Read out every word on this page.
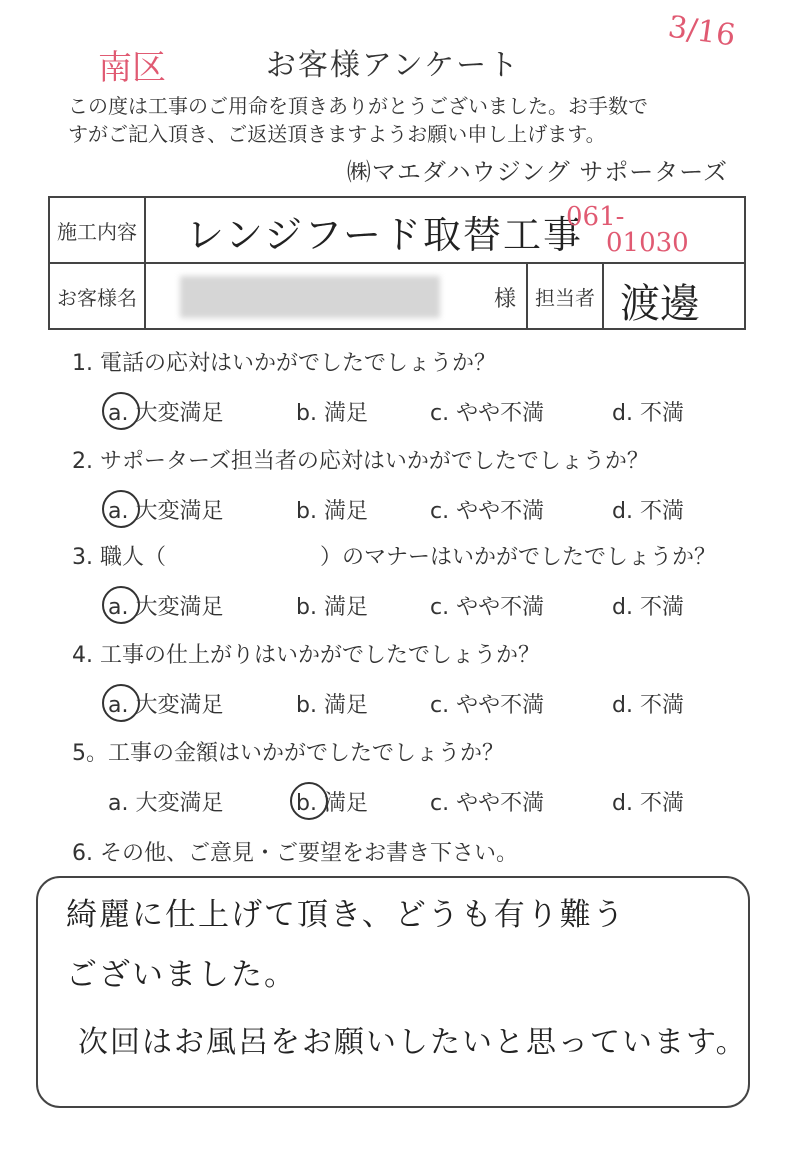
南区
3/16
お客様アンケート
この度は工事のご用命を頂きありがとうございました。お手数で
すがご記入頂き、ご返送頂きますようお願い申し上げます。
㈱マエダハウジング サポーターズ
施工内容	レンジフード取替工事
061-
01030		

お客様名	様	担当者	渡邊
1. 電話の応対はいかがでしたでしょうか？
a. 大変満足	b. 満足	c. やや不満	d. 不満
2. サポーターズ担当者の応対はいかがでしたでしょうか？
a. 大変満足	b. 満足	c. やや不満	d. 不満
3. 職人（　　　　　　　）のマナーはいかがでしたでしょうか？
a. 大変満足	b. 満足	c. やや不満	d. 不満
4. 工事の仕上がりはいかがでしたでしょうか？
a. 大変満足	b. 満足	c. やや不満	d. 不満
5。工事の金額はいかがでしたでしょうか？
a. 大変満足	b. 満足	c. やや不満	d. 不満
6. その他、ご意見・ご要望をお書き下さい。
綺麗に仕上げて頂き、どうも有り難う
ございました。
次回はお風呂をお願いしたいと思っています。
